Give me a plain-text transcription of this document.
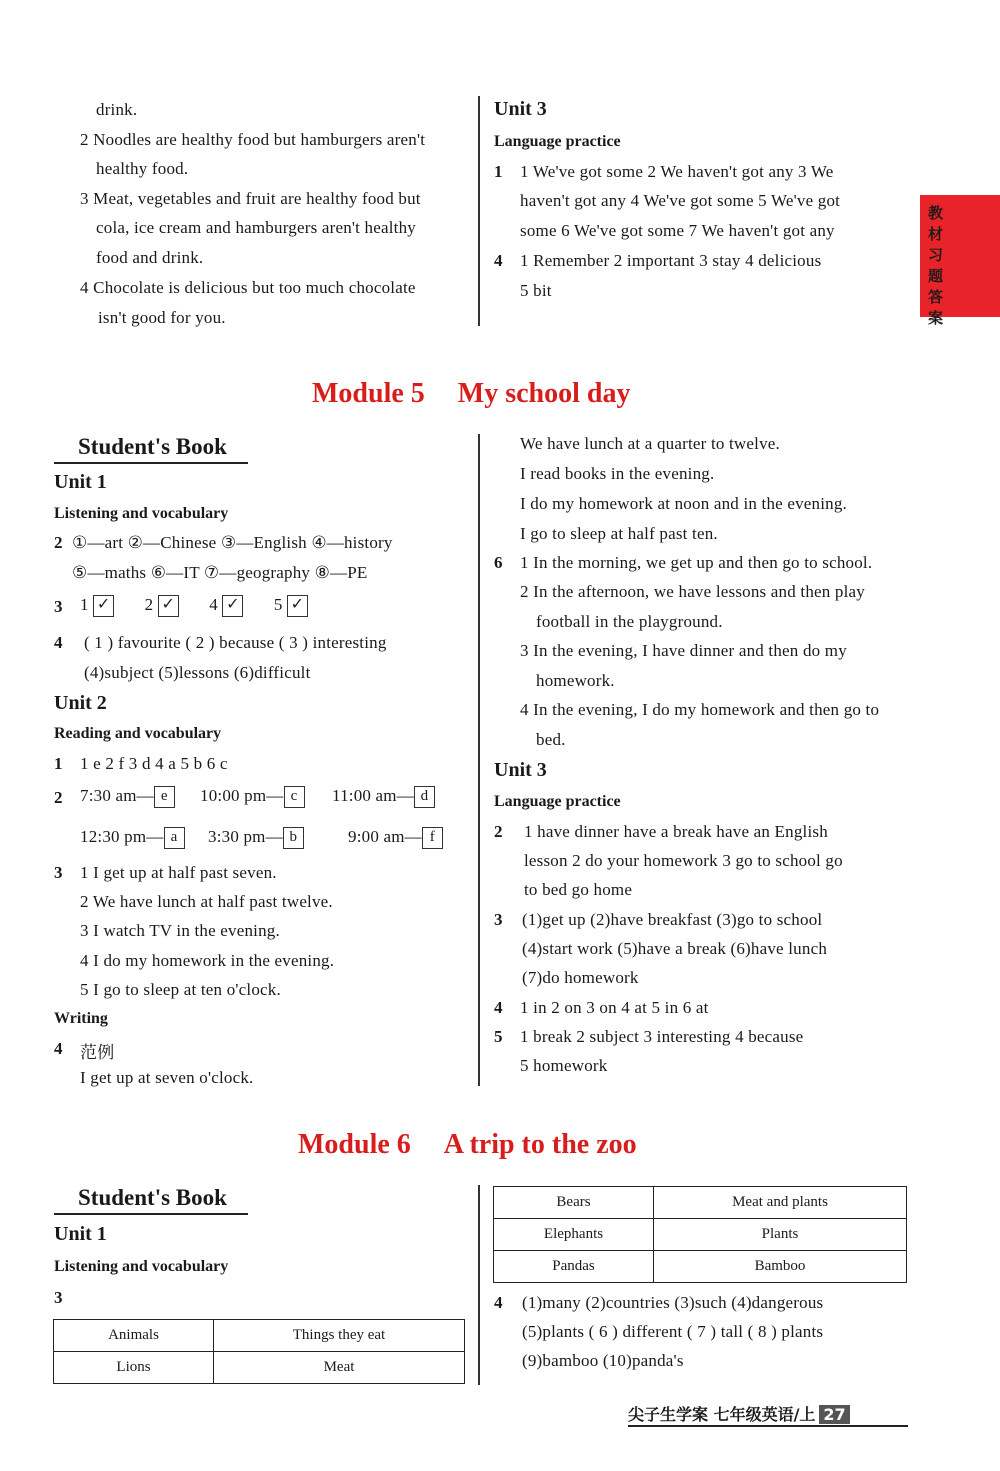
drink.
2 Noodles are healthy food but hamburgers aren't
healthy food.
3 Meat, vegetables and fruit are healthy food but
cola, ice cream and hamburgers aren't healthy
food and drink.
4 Chocolate is delicious but too much chocolate
isn't good for you.
Unit 3
Language practice
1 1 We've got some 2 We haven't got any 3 We
haven't got any 4 We've got some 5 We've got
some 6 We've got some 7 We haven't got any
4 1 Remember 2 important 3 stay 4 delicious
5 bit
教材习题答案
Module 5 My school day
Student's Book
Unit 1
Listening and vocabulary
2 ①—art ②—Chinese ③—English ④—history
⑤—maths ⑥—IT ⑦—geography ⑧—PE
3 1 ✓ 2 ✓ 4 ✓ 5 ✓
4 ( 1 ) favourite ( 2 ) because ( 3 ) interesting
(4)subject (5)lessons (6)difficult
Unit 2
Reading and vocabulary
1 1 e 2 f 3 d 4 a 5 b 6 c
2 7:30 am— e	10:00 pm— c	11:00 am— d
12:30 pm— a	3:30 pm— b	9:00 am— f
3 1 I get up at half past seven.
2 We have lunch at half past twelve.
3 I watch TV in the evening.
4 I do my homework in the evening.
5 I go to sleep at ten o'clock.
Writing
4 范例
I get up at seven o'clock.
We have lunch at a quarter to twelve.
I read books in the evening.
I do my homework at noon and in the evening.
I go to sleep at half past ten.
6 1 In the morning, we get up and then go to school.
2 In the afternoon, we have lessons and then play
football in the playground.
3 In the evening, I have dinner and then do my
homework.
4 In the evening, I do my homework and then go to
bed.
Unit 3
Language practice
2 1 have dinner have a break have an English
lesson 2 do your homework 3 go to school go
to bed go home
3 (1)get up (2)have breakfast (3)go to school
(4)start work (5)have a break (6)have lunch
(7)do homework
4 1 in 2 on 3 on 4 at 5 in 6 at
5 1 break 2 subject 3 interesting 4 because
5 homework
Module 6 A trip to the zoo
Student's Book
Unit 1
Listening and vocabulary
3
Animals	Things they eat
Lions	Meat
Bears	Meat and plants
Elephants	Plants
Pandas	Bamboo
4 (1)many (2)countries (3)such (4)dangerous
(5)plants ( 6 ) different ( 7 ) tall ( 8 ) plants
(9)bamboo (10)panda's
尖子生学案 七年级英语/上 27
